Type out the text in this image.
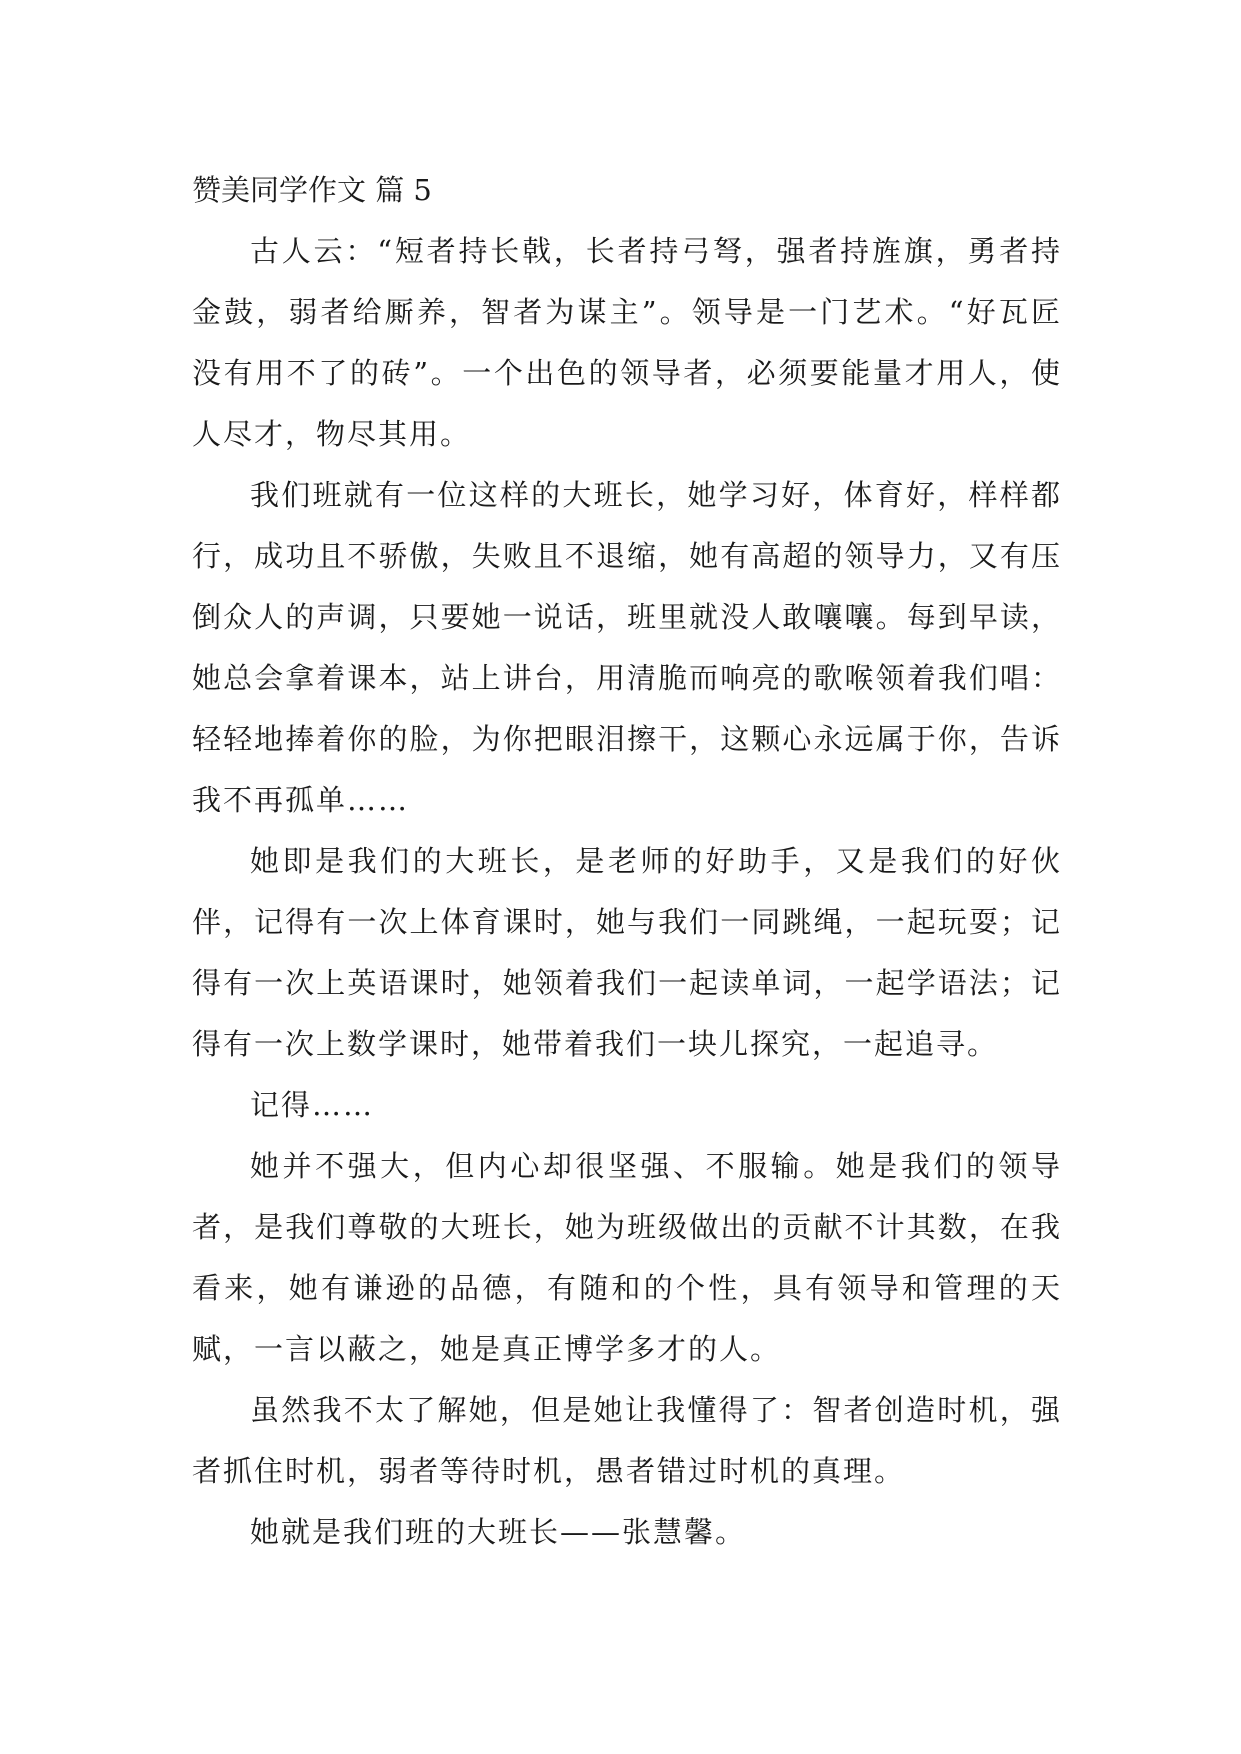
赞美同学作文 篇 5

古人云：“短者持长戟，长者持弓弩，强者持旌旗，勇者持金鼓，弱者给厮养，智者为谋主”。领导是一门艺术。“好瓦匠没有用不了的砖”。一个出色的领导者，必须要能量才用人，使人尽才，物尽其用。

我们班就有一位这样的大班长，她学习好，体育好，样样都行，成功且不骄傲，失败且不退缩，她有高超的领导力，又有压倒众人的声调，只要她一说话，班里就没人敢嚷嚷。每到早读，她总会拿着课本，站上讲台，用清脆而响亮的歌喉领着我们唱：轻轻地捧着你的脸，为你把眼泪擦干，这颗心永远属于你，告诉我不再孤单……

她即是我们的大班长，是老师的好助手，又是我们的好伙伴，记得有一次上体育课时，她与我们一同跳绳，一起玩耍；记得有一次上英语课时，她领着我们一起读单词，一起学语法；记得有一次上数学课时，她带着我们一块儿探究，一起追寻。

记得……

她并不强大，但内心却很坚强、不服输。她是我们的领导者，是我们尊敬的大班长，她为班级做出的贡献不计其数，在我看来，她有谦逊的品德，有随和的个性，具有领导和管理的天赋，一言以蔽之，她是真正博学多才的人。

虽然我不太了解她，但是她让我懂得了：智者创造时机，强者抓住时机，弱者等待时机，愚者错过时机的真理。

她就是我们班的大班长——张慧馨。
